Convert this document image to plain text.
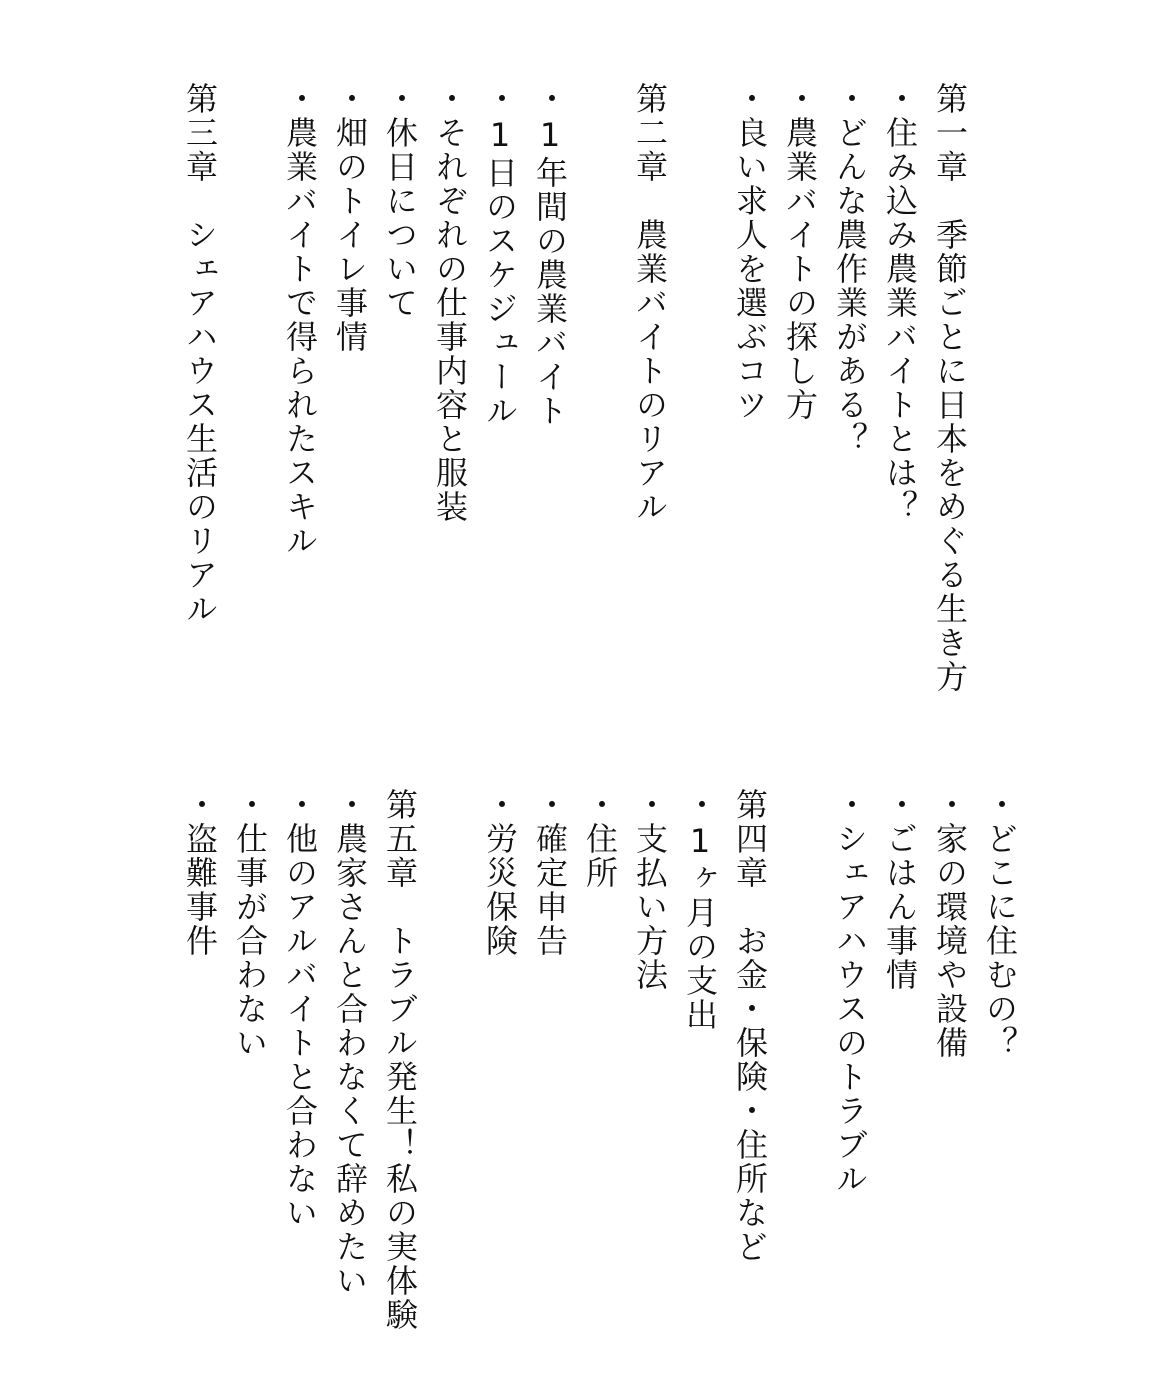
第一章　季節ごとに日本をめぐる生き方
・住み込み農業バイトとは？
・どんな農作業がある？
・農業バイトの探し方
・良い求人を選ぶコツ
第二章　農業バイトのリアル
・1年間の農業バイト
・1日のスケジュール
・それぞれの仕事内容と服装
・休日について
・畑のトイレ事情
・農業バイトで得られたスキル
第三章　シェアハウス生活のリアル
・どこに住むの？
・家の環境や設備
・ごはん事情
・シェアハウスのトラブル
第四章　お金・保険・住所など
・1ヶ月の支出
・支払い方法
・住所
・確定申告
・労災保険
第五章　トラブル発生！私の実体験
・農家さんと合わなくて辞めたい
・他のアルバイトと合わない
・仕事が合わない
・盗難事件
